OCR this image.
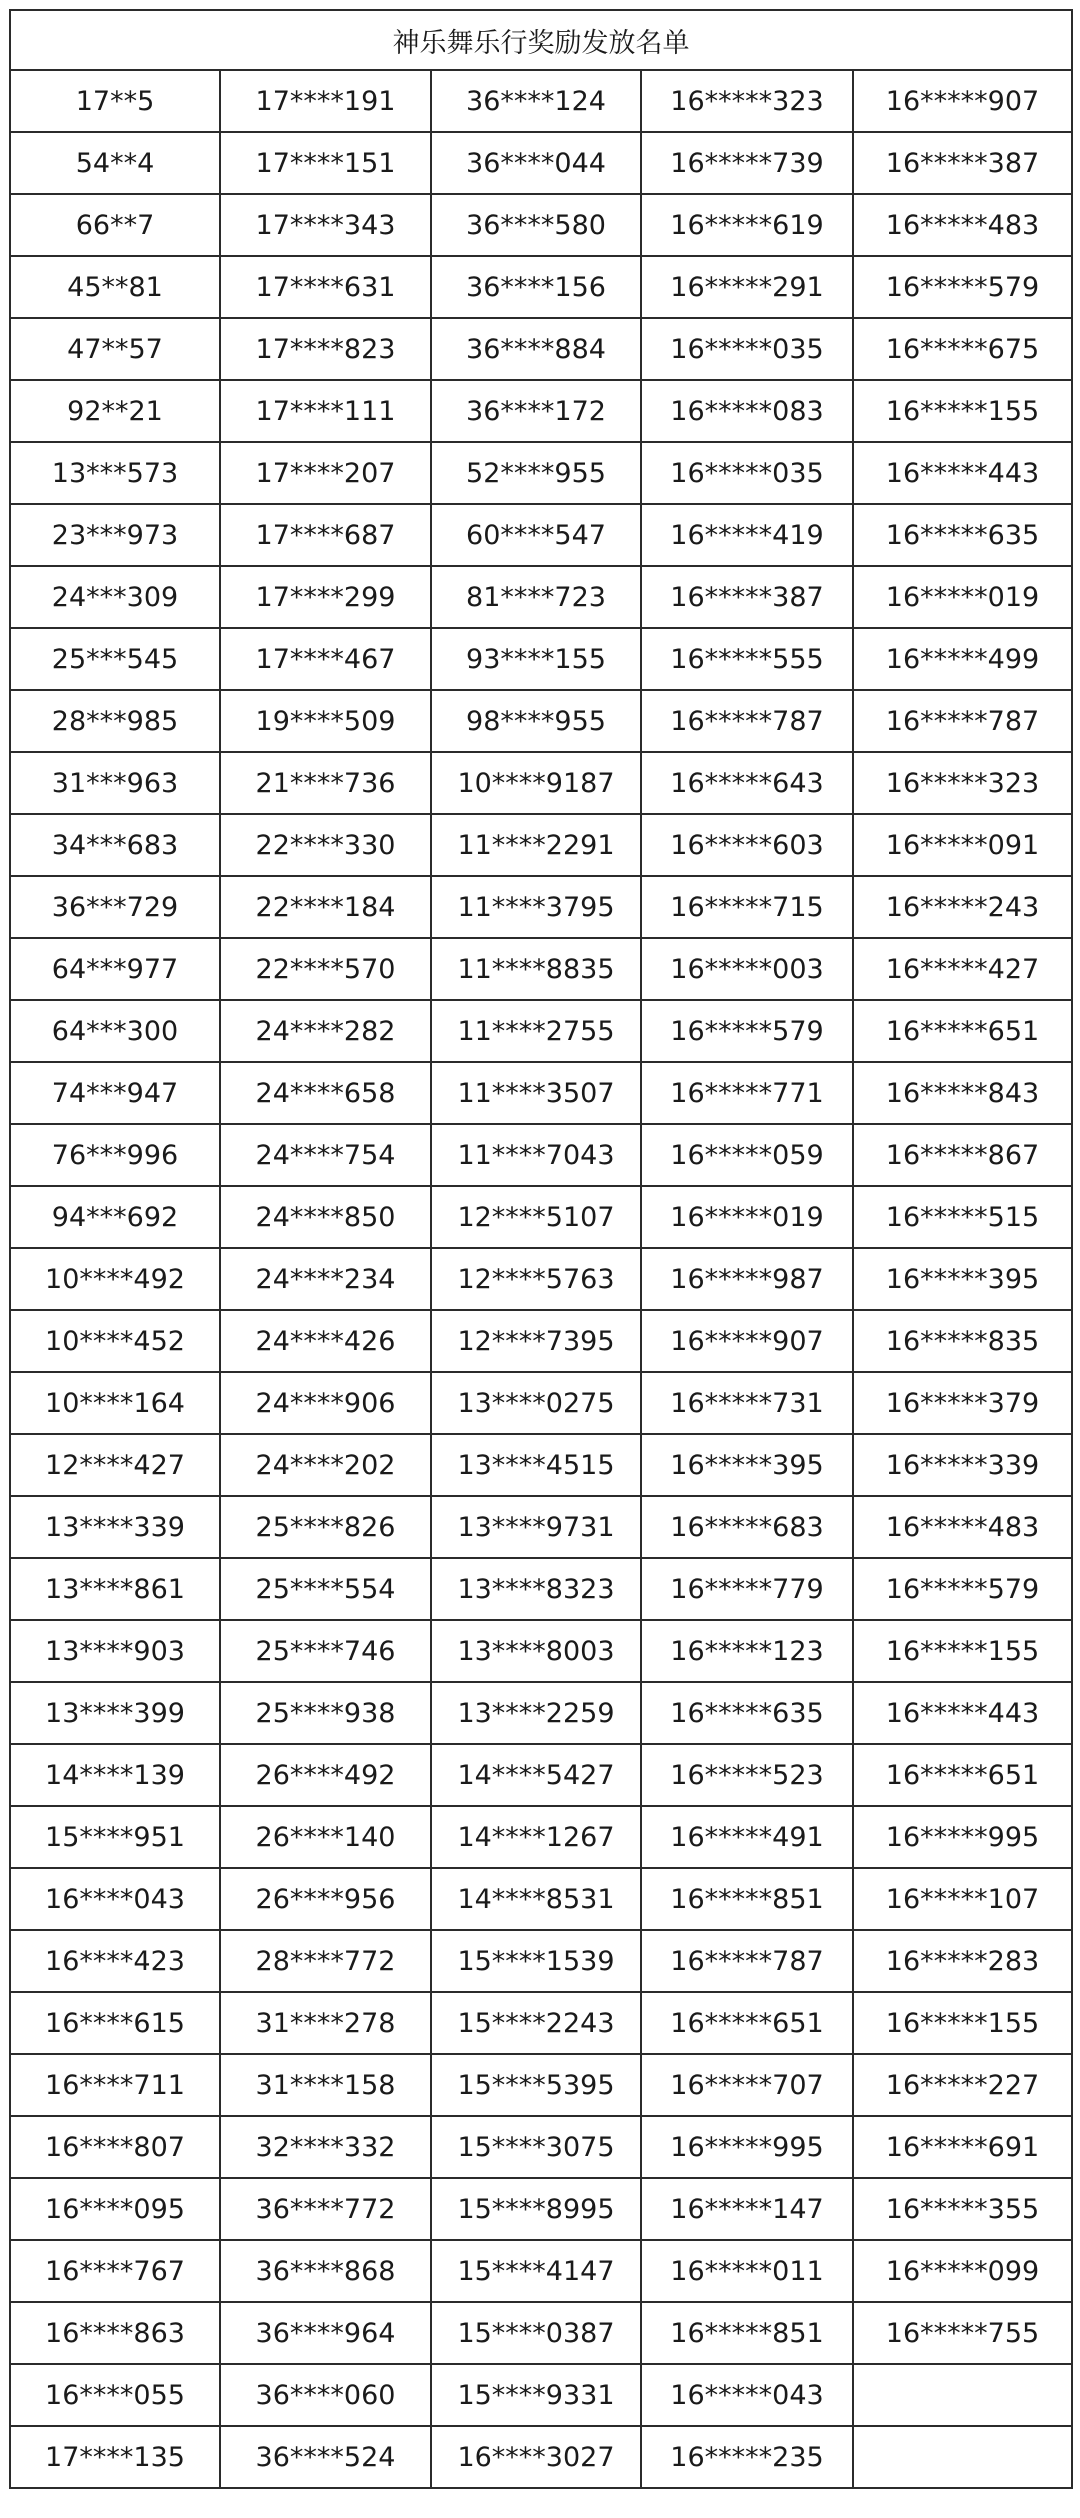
神乐舞乐行奖励发放名单				
17**5	17****191	36****124	16*****323	16*****907
54**4	17****151	36****044	16*****739	16*****387
66**7	17****343	36****580	16*****619	16*****483
45**81	17****631	36****156	16*****291	16*****579
47**57	17****823	36****884	16*****035	16*****675
92**21	17****111	36****172	16*****083	16*****155
13***573	17****207	52****955	16*****035	16*****443
23***973	17****687	60****547	16*****419	16*****635
24***309	17****299	81****723	16*****387	16*****019
25***545	17****467	93****155	16*****555	16*****499
28***985	19****509	98****955	16*****787	16*****787
31***963	21****736	10****9187	16*****643	16*****323
34***683	22****330	11****2291	16*****603	16*****091
36***729	22****184	11****3795	16*****715	16*****243
64***977	22****570	11****8835	16*****003	16*****427
64***300	24****282	11****2755	16*****579	16*****651
74***947	24****658	11****3507	16*****771	16*****843
76***996	24****754	11****7043	16*****059	16*****867
94***692	24****850	12****5107	16*****019	16*****515
10****492	24****234	12****5763	16*****987	16*****395
10****452	24****426	12****7395	16*****907	16*****835
10****164	24****906	13****0275	16*****731	16*****379
12****427	24****202	13****4515	16*****395	16*****339
13****339	25****826	13****9731	16*****683	16*****483
13****861	25****554	13****8323	16*****779	16*****579
13****903	25****746	13****8003	16*****123	16*****155
13****399	25****938	13****2259	16*****635	16*****443
14****139	26****492	14****5427	16*****523	16*****651
15****951	26****140	14****1267	16*****491	16*****995
16****043	26****956	14****8531	16*****851	16*****107
16****423	28****772	15****1539	16*****787	16*****283
16****615	31****278	15****2243	16*****651	16*****155
16****711	31****158	15****5395	16*****707	16*****227
16****807	32****332	15****3075	16*****995	16*****691
16****095	36****772	15****8995	16*****147	16*****355
16****767	36****868	15****4147	16*****011	16*****099
16****863	36****964	15****0387	16*****851	16*****755
16****055	36****060	15****9331	16*****043	
17****135	36****524	16****3027	16*****235	
